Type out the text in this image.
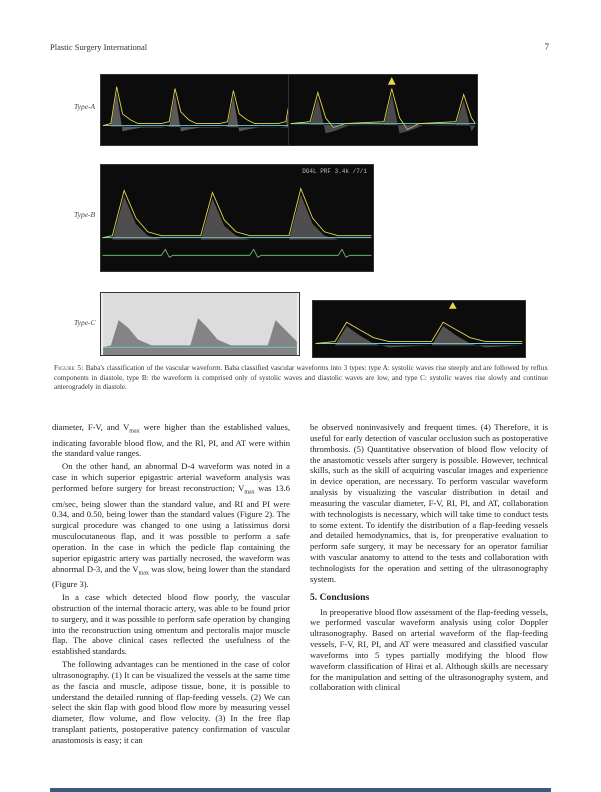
Plastic Surgery International	7
Type-A
Type-B
DG4L PRF 3.4k /7/1
Type-C
Figure 5: Baba's classification of the vascular waveform. Baba classified vascular waveforms into 3 types: type A: systolic waves rise steeply and are followed by reflux components in diastole, type B: the waveform is comprised only of systolic waves and diastolic waves are low, and type C: systolic waves rise slowly and continue anterogradely in diastole.

diameter, F-V, and $V_{max}$ were higher than the established values, indicating favorable blood flow, and the RI, PI, and AT were within the standard value ranges.

On the other hand, an abnormal D-4 waveform was noted in a case in which superior epigastric arterial waveform analysis was performed before surgery for breast reconstruction; $V_{max}$ was 13.6 cm/sec, being slower than the standard value, and RI and PI were 0.34, and 0.50, being lower than the standard values (Figure 2). The surgical procedure was changed to one using a latissimus dorsi musculocutaneous flap, and it was possible to perform a safe operation. In the case in which the pedicle flap containing the superior epigastric artery was partially necrosed, the waveform was abnormal D-3, and the $V_{max}$ was slow, being lower than the standard (Figure 3).

In a case which detected blood flow poorly, the vascular obstruction of the internal thoracic artery, was able to be found prior to surgery, and it was possible to perform safe operation by changing into the reconstruction using omentum and pectoralis major muscle flap. The above clinical cases reflected the usefulness of the established standards.

The following advantages can be mentioned in the case of color ultrasonography. (1) It can be visualized the vessels at the same time as the fascia and muscle, adipose tissue, bone, it is possible to understand the detailed running of flap-feeding vessels. (2) We can select the skin flap with good blood flow more by measuring vessel diameter, flow volume, and flow velocity. (3) In the free flap transplant patients, postoperative patency confirmation of vascular anastomosis is easy; it can

be observed noninvasively and frequent times. (4) Therefore, it is useful for early detection of vascular occlusion such as postoperative thrombosis. (5) Quantitative observation of blood flow velocity of the anastomotic vessels after surgery is possible. However, technical skills, such as the skill of acquiring vascular images and experience in device operation, are necessary. To perform vascular waveform analysis by visualizing the vascular distribution in detail and measuring the vascular diameter, F-V, RI, PI, and AT, collaboration with technologists is necessary, which will take time to conduct tests to some extent. To identify the distribution of a flap-feeding vessels and detailed hemodynamics, that is, for preoperative evaluation to perform safe surgery, it may be necessary for an operator familiar with vascular anatomy to attend to the tests and collaboration with technologists for the operation and setting of the ultrasonography system.

5. Conclusions

In preoperative blood flow assessment of the flap-feeding vessels, we performed vascular waveform analysis using color Doppler ultrasonography. Based on arterial waveform of the flap-feeding vessels, F-V, RI, PI, and AT were measured and classified vascular waveforms into 5 types partially modifying the blood flow waveform classification of Hirai et al. Although skills are necessary for the manipulation and setting of the ultrasonography system, and collaboration with clinical
